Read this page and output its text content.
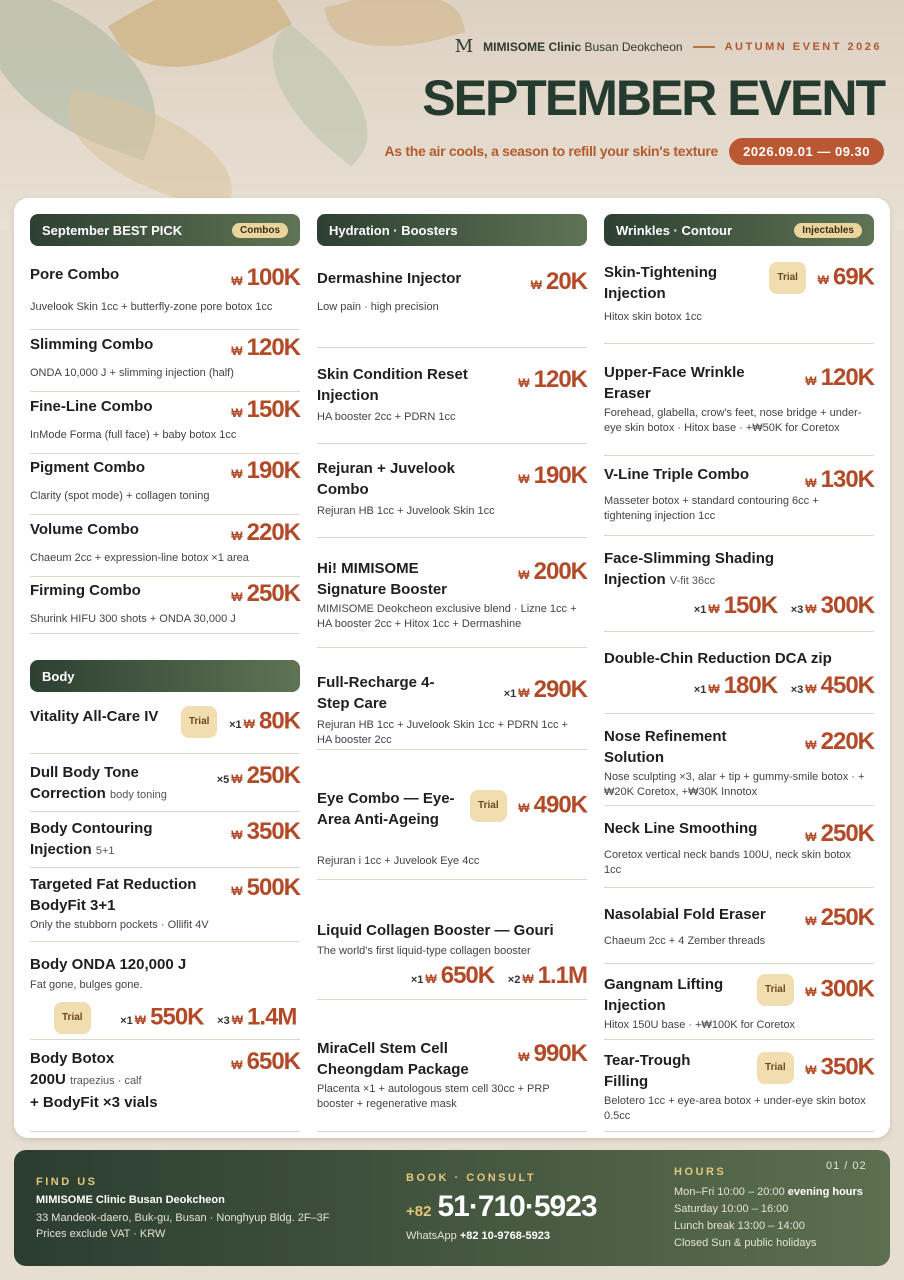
M MIMISOME Clinic Busan Deokcheon	AUTUMN EVENT 2026
SEPTEMBER EVENT
As the air cools, a season to refill your skin's texture	2026.09.01 — 09.30
September BEST PICK	Combos
Pore Combo
Juvelook Skin 1cc + butterfly-zone pore botox 1cc
₩ 100K
Slimming Combo
ONDA 10,000 J + slimming injection (half)
₩ 120K
Fine-Line Combo
InMode Forma (full face) + baby botox 1cc
₩ 150K
Pigment Combo
Clarity (spot mode) + collagen toning
₩ 190K
Volume Combo
Chaeum 2cc + expression-line botox ×1 area
₩ 220K
Firming Combo
Shurink HIFU 300 shots + ONDA 30,000 J
₩ 250K
Body
Vitality All-Care IV	Trial ×1 ₩ 80K
Dull Body Tone Correction body toning
×5 ₩ 250K
Body Contouring Injection 5+1
₩ 350K
Targeted Fat Reduction BodyFit 3+1
Only the stubborn pockets · Ollifit 4V
₩ 500K
Body ONDA 120,000 J
Fat gone, bulges gone.
Trial	×1 ₩ 550K ×3 ₩ 1.4M
Body Botox
200U trapezius · calf
+ BodyFit ×3 vials
₩ 650K
Hydration · Boosters
Dermashine Injector
Low pain · high precision
₩ 20K
Skin Condition Reset Injection
HA booster 2cc + PDRN 1cc
₩ 120K
Rejuran + Juvelook Combo
Rejuran HB 1cc + Juvelook Skin 1cc
₩ 190K
Hi! MIMISOME Signature Booster
MIMISOME Deokcheon exclusive blend · Lizne 1cc + HA booster 2cc + Hitox 1cc + Dermashine
₩ 200K
Full-Recharge 4-Step Care
Rejuran HB 1cc + Juvelook Skin 1cc + PDRN 1cc + HA booster 2cc
×1 ₩ 290K
Eye Combo — Eye-Area Anti-Ageing
Rejuran i 1cc + Juvelook Eye 4cc
Trial ₩ 490K
Liquid Collagen Booster — Gouri
The world's first liquid-type collagen booster
×1 ₩ 650K ×2 ₩ 1.1M
MiraCell Stem Cell Cheongdam Package
Placenta ×1 + autologous stem cell 30cc + PRP booster + regenerative mask
₩ 990K
Wrinkles · Contour	Injectables
Skin-Tightening Injection
Hitox skin botox 1cc
Trial ₩ 69K
Upper-Face Wrinkle Eraser
Forehead, glabella, crow's feet, nose bridge + under-eye skin botox · Hitox base · +₩50K for Coretox
₩ 120K
V-Line Triple Combo
Masseter botox + standard contouring 6cc + tightening injection 1cc
₩ 130K
Face-Slimming Shading Injection V-fit 36cc
×1 ₩ 150K ×3 ₩ 300K
Double-Chin Reduction DCA zip
×1 ₩ 180K ×3 ₩ 450K
Nose Refinement Solution
Nose sculpting ×3, alar + tip + gummy-smile botox · +₩20K Coretox, +₩30K Innotox
₩ 220K
Neck Line Smoothing
Coretox vertical neck bands 100U, neck skin botox 1cc
₩ 250K
Nasolabial Fold Eraser
Chaeum 2cc + 4 Zember threads
₩ 250K
Gangnam Lifting Injection
Hitox 150U base · +₩100K for Coretox
Trial ₩ 300K
Tear-Trough Filling
Belotero 1cc + eye-area botox + under-eye skin botox 0.5cc
Trial ₩ 350K
FIND US
MIMISOME Clinic Busan Deokcheon
33 Mandeok-daero, Buk-gu, Busan · Nonghyup Bldg. 2F–3F
Prices exclude VAT · KRW
BOOK · CONSULT
+82 51·710·5923
WhatsApp +82 10-9768-5923
HOURS	01 / 02
Mon–Fri 10:00 – 20:00 evening hours
Saturday 10:00 – 16:00
Lunch break 13:00 – 14:00
Closed Sun & public holidays
